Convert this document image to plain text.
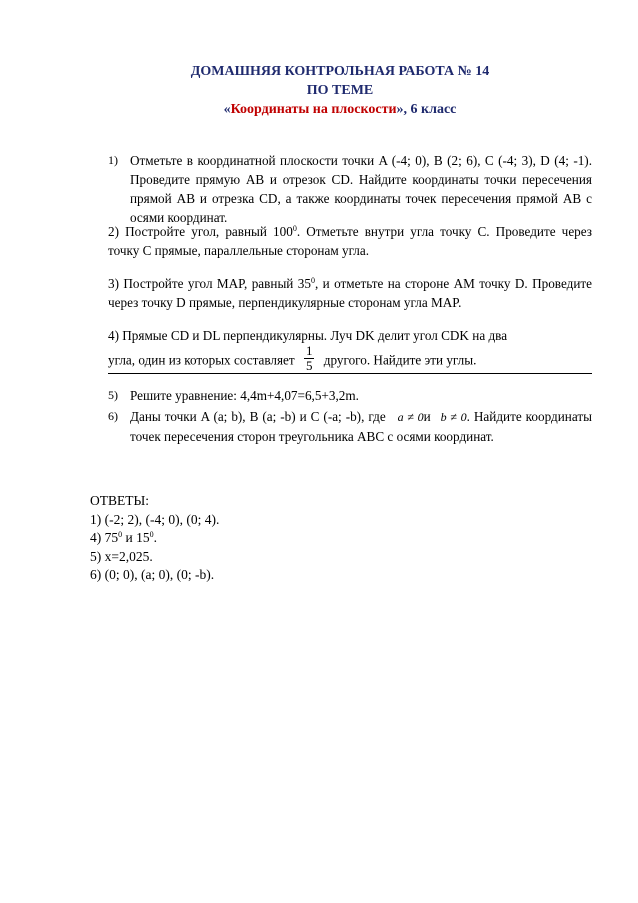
ДОМАШНЯЯ КОНТРОЛЬНАЯ РАБОТА № 14
ПО ТЕМЕ
«Координаты на плоскости», 6 класс
1) Отметьте в координатной плоскости точки A (-4; 0), B (2; 6), C (-4; 3), D (4; -1). Проведите прямую AB и отрезок CD. Найдите координаты точки пересечения прямой AB и отрезка CD, а также координаты точек пересечения прямой AB с осями координат.
2) Постройте угол, равный $100^0$. Отметьте внутри угла точку C. Проведите через точку C прямые, параллельные сторонам угла.
3) Постройте угол MAP, равный $35^0$, и отметьте на стороне AM точку D. Проведите через точку D прямые, перпендикулярные сторонам угла MAP.
4) Прямые CD и DL перпендикулярны. Луч DK делит угол CDK на два
угла, один из которых составляет $\frac{1}{5}$ другого. Найдите эти углы.
5) Решите уравнение: 4,4m+4,07=6,5+3,2m.
6) Даны точки A (a; b), B (a; -b) и C (-a; -b), где a ≠ 0и b ≠ 0. Найдите координаты точек пересечения сторон треугольника ABC с осями координат.
ОТВЕТЫ:
1) (-2; 2), (-4; 0), (0; 4).
4) $75^0$ и $15^0$.
5) x=2,025.
6) (0; 0), (a; 0), (0; -b).
